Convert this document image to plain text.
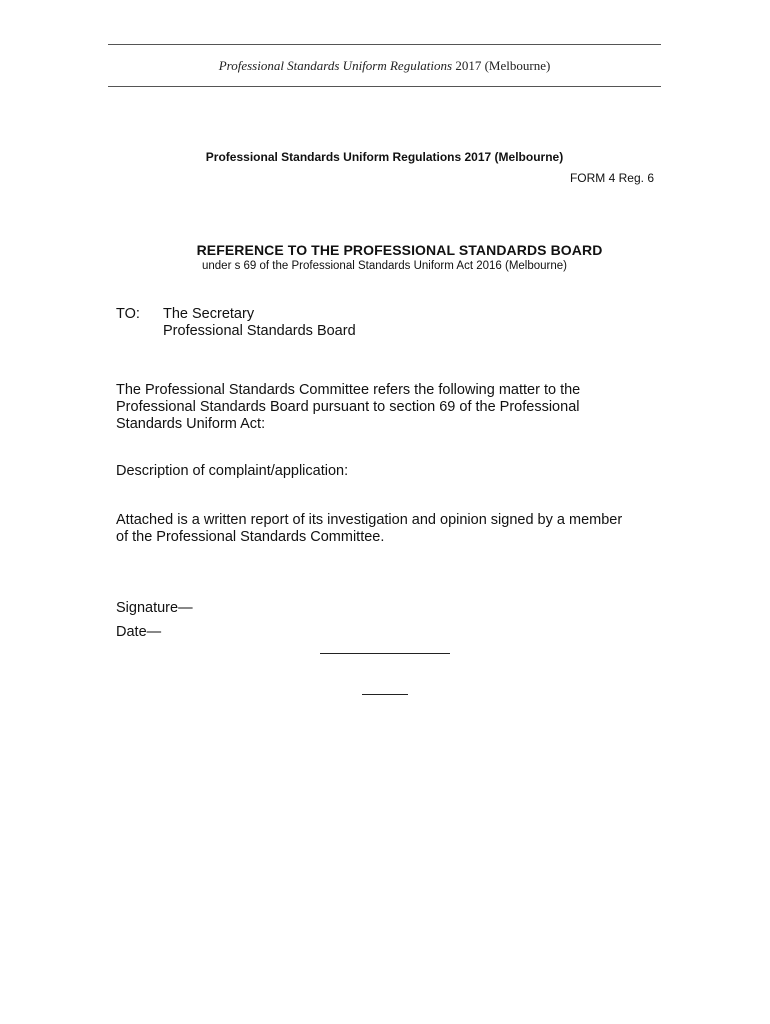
Professional Standards Uniform Regulations 2017 (Melbourne)
Professional Standards Uniform Regulations 2017 (Melbourne)
FORM 4 Reg. 6
REFERENCE TO THE PROFESSIONAL STANDARDS BOARD
under s 69 of the Professional Standards Uniform Act 2016 (Melbourne)
TO: The Secretary
Professional Standards Board
The Professional Standards Committee refers the following matter to the Professional Standards Board pursuant to section 69 of the Professional Standards Uniform Act:
Description of complaint/application:
Attached is a written report of its investigation and opinion signed by a member of the Professional Standards Committee.
Signature—
Date—
